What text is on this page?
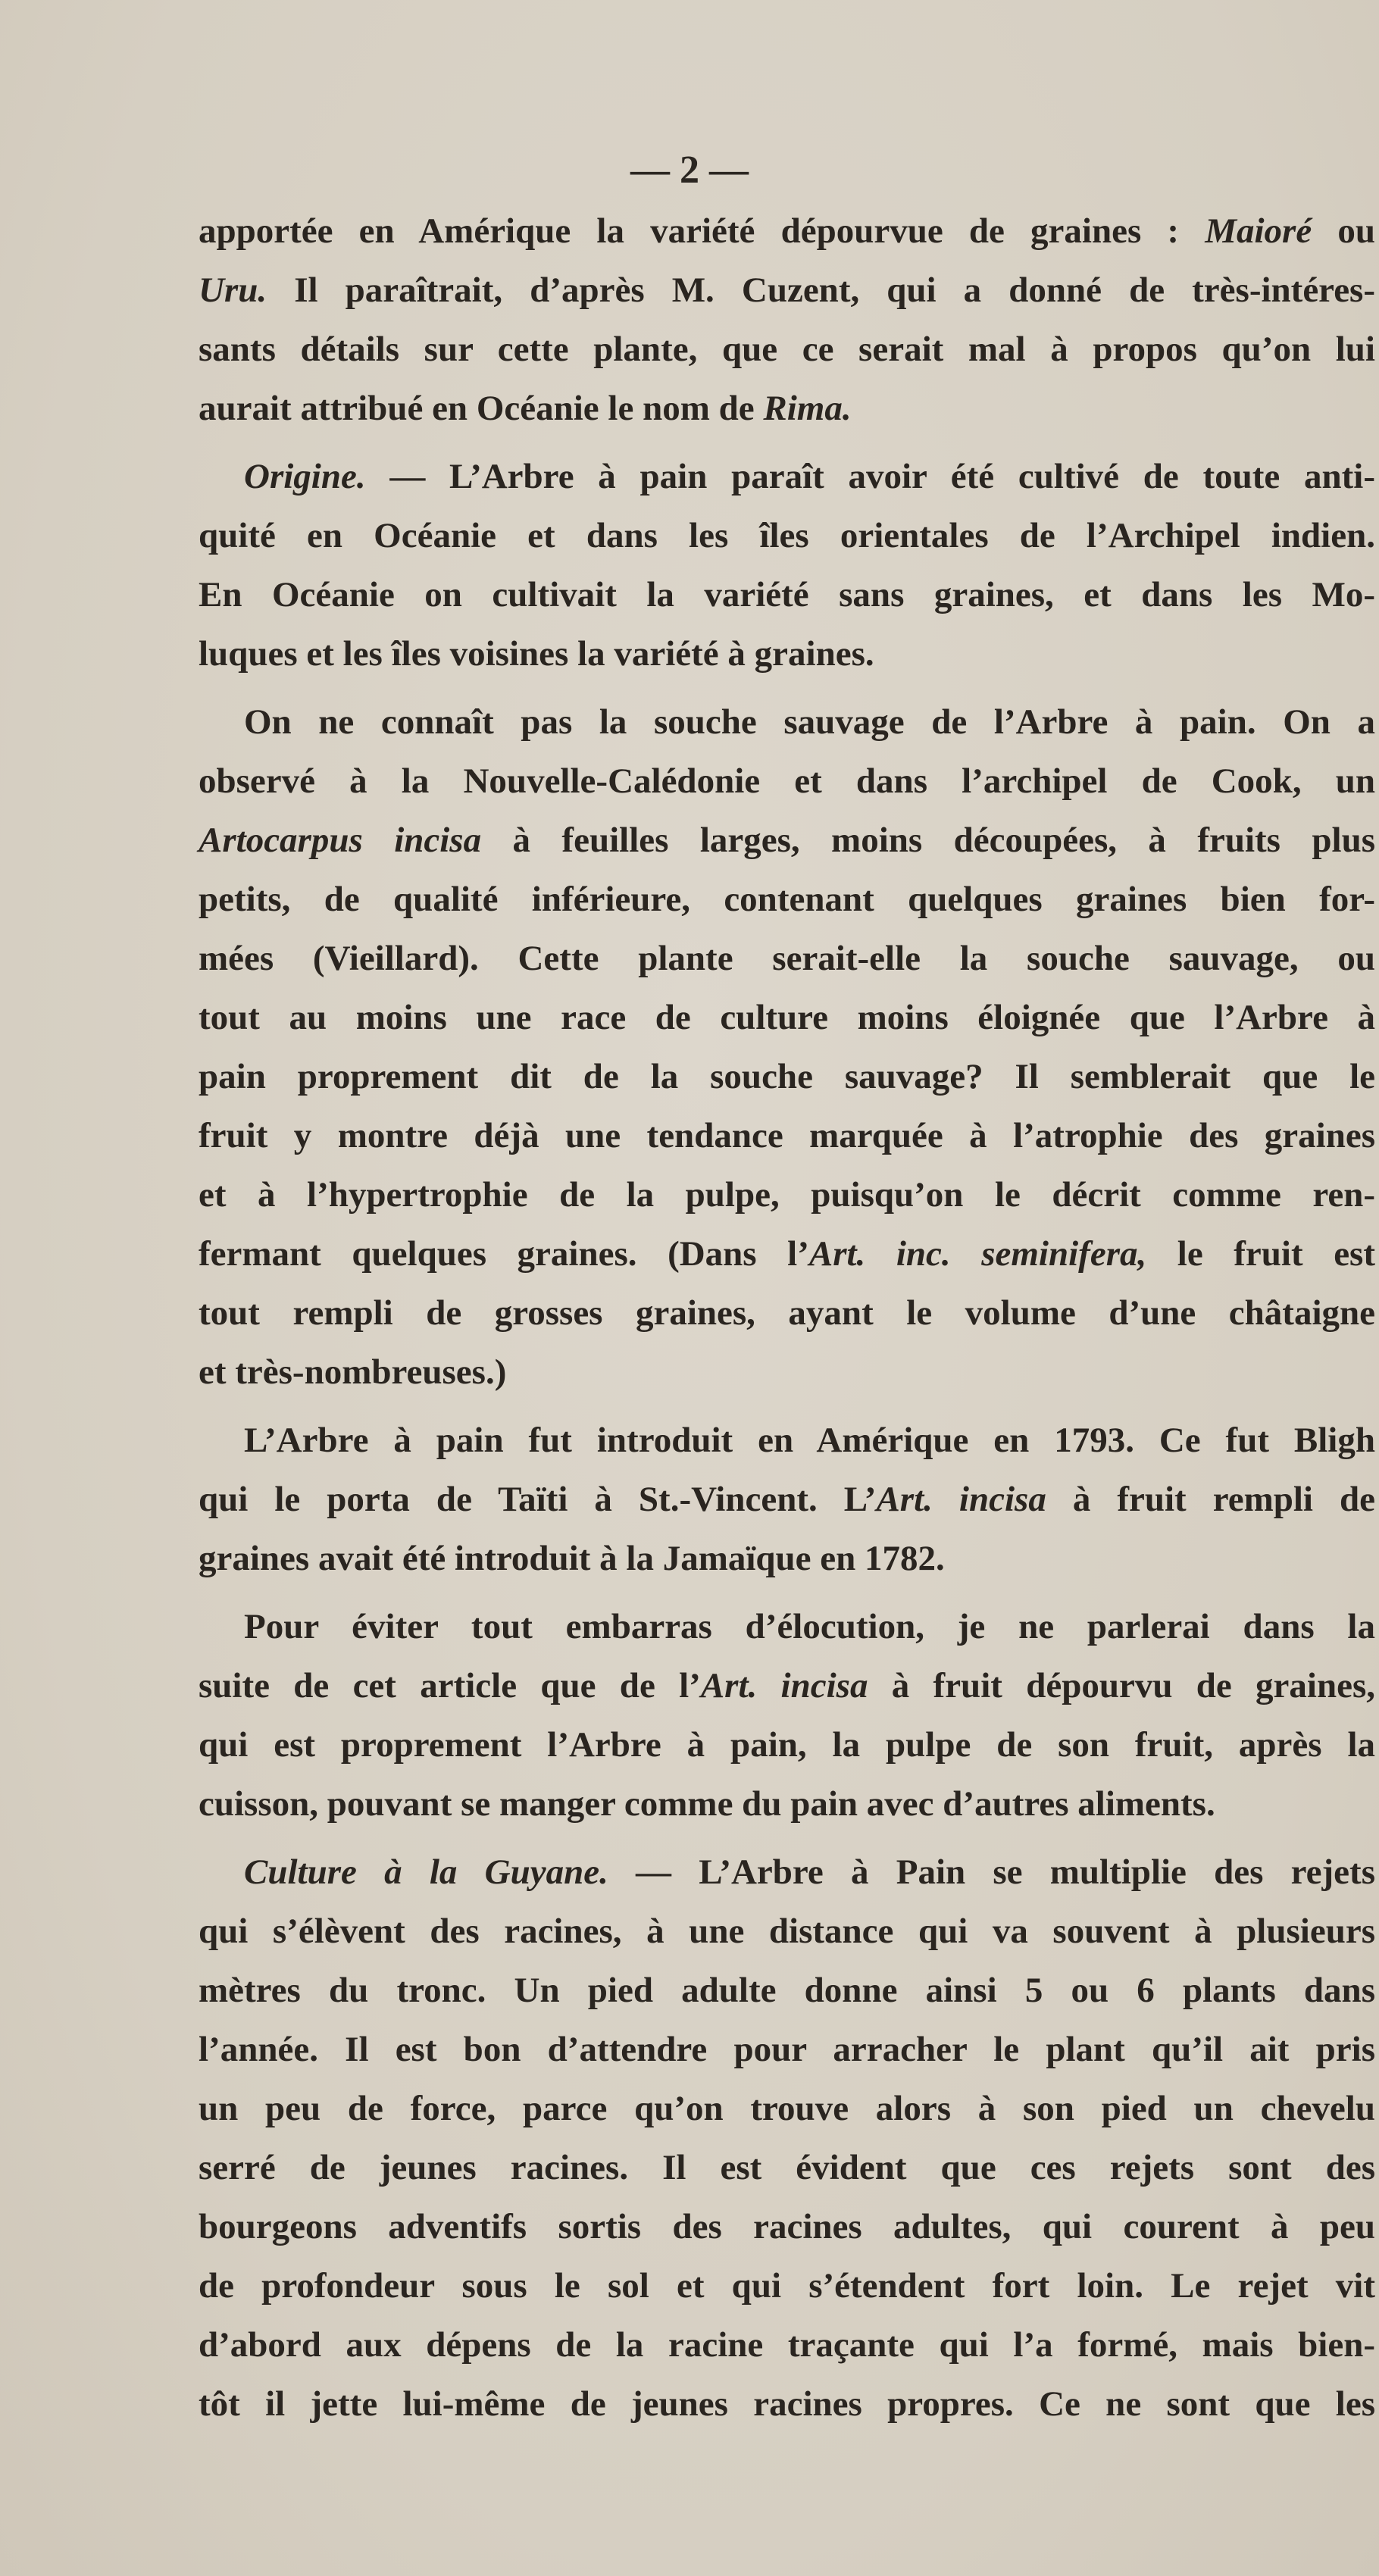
— 2 —
apportée en Amérique la variété dépourvue de graines : Maioré ou
Uru. Il paraîtrait, d’après M. Cuzent, qui a donné de très-intéres-
sants détails sur cette plante, que ce serait mal à propos qu’on lui
aurait attribué en Océanie le nom de Rima.
Origine. — L’Arbre à pain paraît avoir été cultivé de toute anti-
quité en Océanie et dans les îles orientales de l’Archipel indien.
En Océanie on cultivait la variété sans graines, et dans les Mo-
luques et les îles voisines la variété à graines.
On ne connaît pas la souche sauvage de l’Arbre à pain. On a
observé à la Nouvelle-Calédonie et dans l’archipel de Cook, un
Artocarpus incisa à feuilles larges, moins découpées, à fruits plus
petits, de qualité inférieure, contenant quelques graines bien for-
mées (Vieillard). Cette plante serait-elle la souche sauvage, ou
tout au moins une race de culture moins éloignée que l’Arbre à
pain proprement dit de la souche sauvage? Il semblerait que le
fruit y montre déjà une tendance marquée à l’atrophie des graines
et à l’hypertrophie de la pulpe, puisqu’on le décrit comme ren-
fermant quelques graines. (Dans l’Art. inc. seminifera, le fruit est
tout rempli de grosses graines, ayant le volume d’une châtaigne
et très-nombreuses.)
L’Arbre à pain fut introduit en Amérique en 1793. Ce fut Bligh
qui le porta de Taïti à St.-Vincent. L’Art. incisa à fruit rempli de
graines avait été introduit à la Jamaïque en 1782.
Pour éviter tout embarras d’élocution, je ne parlerai dans la
suite de cet article que de l’Art. incisa à fruit dépourvu de graines,
qui est proprement l’Arbre à pain, la pulpe de son fruit, après la
cuisson, pouvant se manger comme du pain avec d’autres aliments.
Culture à la Guyane. — L’Arbre à Pain se multiplie des rejets
qui s’élèvent des racines, à une distance qui va souvent à plusieurs
mètres du tronc. Un pied adulte donne ainsi 5 ou 6 plants dans
l’année. Il est bon d’attendre pour arracher le plant qu’il ait pris
un peu de force, parce qu’on trouve alors à son pied un chevelu
serré de jeunes racines. Il est évident que ces rejets sont des
bourgeons adventifs sortis des racines adultes, qui courent à peu
de profondeur sous le sol et qui s’étendent fort loin. Le rejet vit
d’abord aux dépens de la racine traçante qui l’a formé, mais bien-
tôt il jette lui-même de jeunes racines propres. Ce ne sont que les
